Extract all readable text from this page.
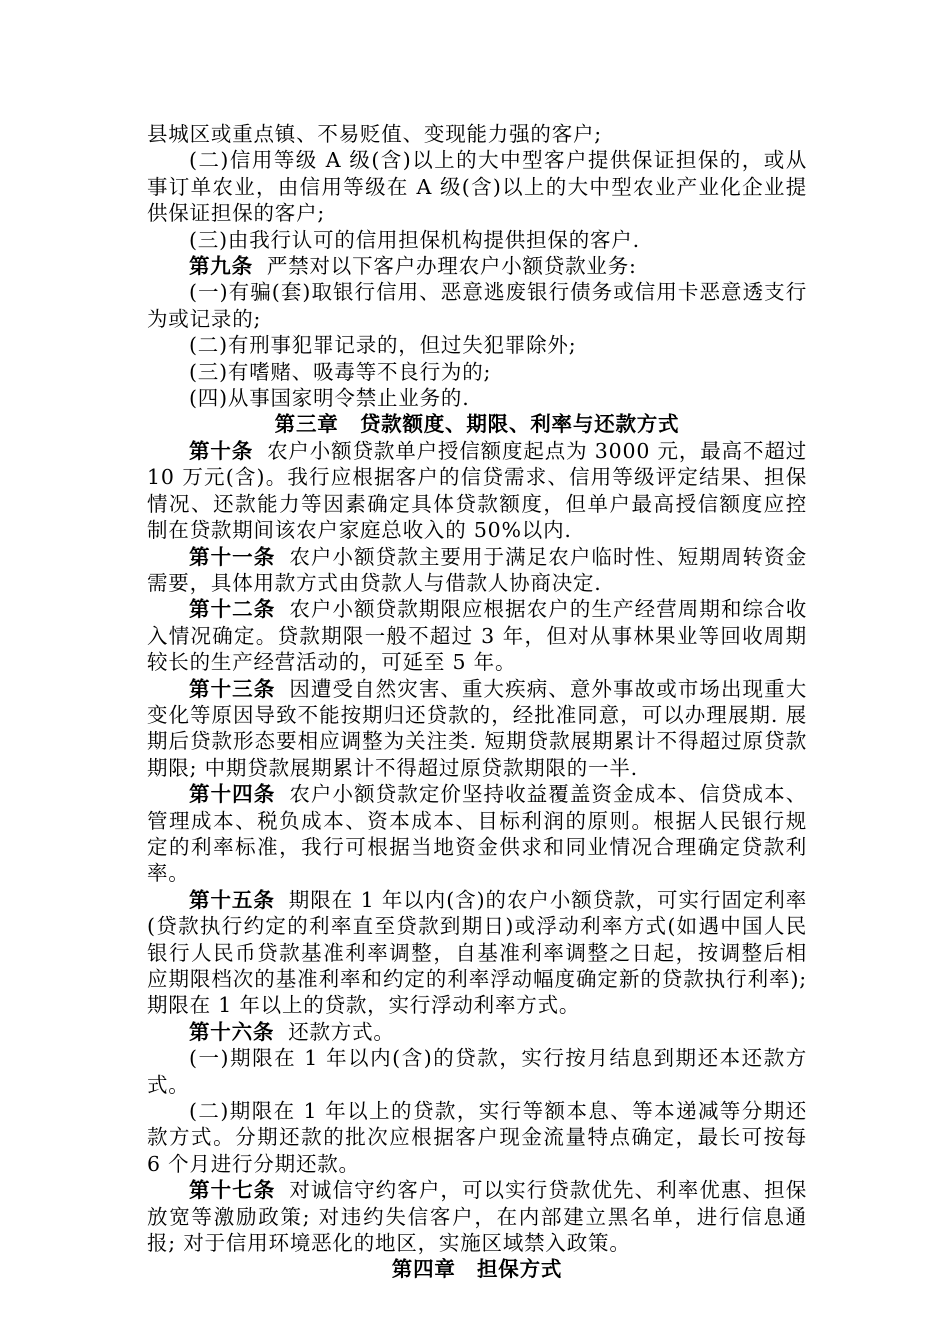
县城区或重点镇、不易贬值、变现能力强的客户;

(二)信用等级 A 级(含)以上的大中型客户提供保证担保的，或从事订单农业，由信用等级在 A 级(含)以上的大中型农业产业化企业提供保证担保的客户;

(三)由我行认可的信用担保机构提供担保的客户.

第九条 严禁对以下客户办理农户小额贷款业务:

(一)有骗(套)取银行信用、恶意逃废银行债务或信用卡恶意透支行为或记录的;

(二)有刑事犯罪记录的，但过失犯罪除外;

(三)有嗜赌、吸毒等不良行为的;

(四)从事国家明令禁止业务的.

第三章　贷款额度、期限、利率与还款方式

第十条 农户小额贷款单户授信额度起点为 3000 元，最高不超过 10 万元(含)。我行应根据客户的信贷需求、信用等级评定结果、担保情况、还款能力等因素确定具体贷款额度，但单户最高授信额度应控制在贷款期间该农户家庭总收入的 50%以内.

第十一条 农户小额贷款主要用于满足农户临时性、短期周转资金需要，具体用款方式由贷款人与借款人协商决定.

第十二条 农户小额贷款期限应根据农户的生产经营周期和综合收入情况确定。贷款期限一般不超过 3 年，但对从事林果业等回收周期较长的生产经营活动的，可延至 5 年。

第十三条 因遭受自然灾害、重大疾病、意外事故或市场出现重大变化等原因导致不能按期归还贷款的，经批准同意，可以办理展期. 展期后贷款形态要相应调整为关注类. 短期贷款展期累计不得超过原贷款期限; 中期贷款展期累计不得超过原贷款期限的一半.

第十四条 农户小额贷款定价坚持收益覆盖资金成本、信贷成本、管理成本、税负成本、资本成本、目标利润的原则。根据人民银行规定的利率标准，我行可根据当地资金供求和同业情况合理确定贷款利率。

第十五条 期限在 1 年以内(含)的农户小额贷款，可实行固定利率(贷款执行约定的利率直至贷款到期日)或浮动利率方式(如遇中国人民银行人民币贷款基准利率调整，自基准利率调整之日起，按调整后相应期限档次的基准利率和约定的利率浮动幅度确定新的贷款执行利率); 期限在 1 年以上的贷款，实行浮动利率方式。

第十六条 还款方式。

(一)期限在 1 年以内(含)的贷款，实行按月结息到期还本还款方式。

(二)期限在 1 年以上的贷款，实行等额本息、等本递减等分期还款方式。分期还款的批次应根据客户现金流量特点确定，最长可按每 6 个月进行分期还款。

第十七条 对诚信守约客户，可以实行贷款优先、利率优惠、担保放宽等激励政策; 对违约失信客户，在内部建立黑名单，进行信息通报; 对于信用环境恶化的地区，实施区域禁入政策。

第四章　担保方式
